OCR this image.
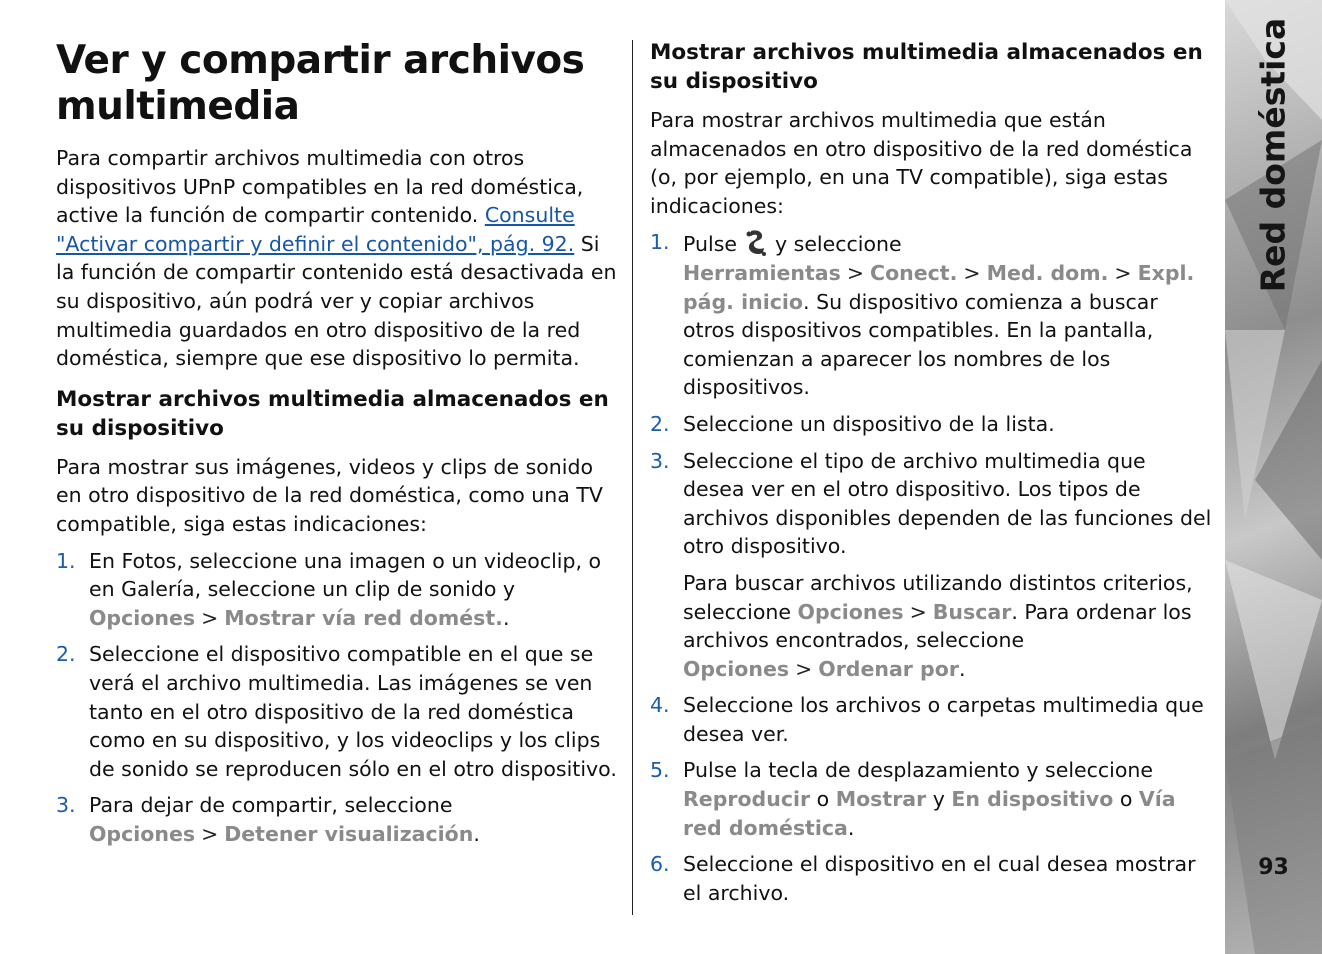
Ver y compartir archivos multimedia

Para compartir archivos multimedia con otros dispositivos UPnP compatibles en la red doméstica, active la función de compartir contenido. Consulte "Activar compartir y definir el contenido", pág. 92. Si la función de compartir contenido está desactivada en su dispositivo, aún podrá ver y copiar archivos multimedia guardados en otro dispositivo de la red doméstica, siempre que ese dispositivo lo permita.

Mostrar archivos multimedia almacenados en su dispositivo

Para mostrar sus imágenes, videos y clips de sonido en otro dispositivo de la red doméstica, como una TV compatible, siga estas indicaciones:

1. En Fotos, seleccione una imagen o un videoclip, o en Galería, seleccione un clip de sonido y Opciones > Mostrar vía red domést..
2. Seleccione el dispositivo compatible en el que se verá el archivo multimedia. Las imágenes se ven tanto en el otro dispositivo de la red doméstica como en su dispositivo, y los videoclips y los clips de sonido se reproducen sólo en el otro dispositivo.
3. Para dejar de compartir, seleccione Opciones > Detener visualización.
Mostrar archivos multimedia almacenados en su dispositivo

Para mostrar archivos multimedia que están almacenados en otro dispositivo de la red doméstica (o, por ejemplo, en una TV compatible), siga estas indicaciones:

1. Pulse y seleccione Herramientas > Conect. > Med. dom. > Expl. pág. inicio. Su dispositivo comienza a buscar otros dispositivos compatibles. En la pantalla, comienzan a aparecer los nombres de los dispositivos.
2. Seleccione un dispositivo de la lista.
3. Seleccione el tipo de archivo multimedia que desea ver en el otro dispositivo. Los tipos de archivos disponibles dependen de las funciones del otro dispositivo.

Para buscar archivos utilizando distintos criterios, seleccione Opciones > Buscar. Para ordenar los archivos encontrados, seleccione Opciones > Ordenar por.

4. Seleccione los archivos o carpetas multimedia que desea ver.
5. Pulse la tecla de desplazamiento y seleccione Reproducir o Mostrar y En dispositivo o Vía red doméstica.
6. Seleccione el dispositivo en el cual desea mostrar el archivo.
Red doméstica
93
